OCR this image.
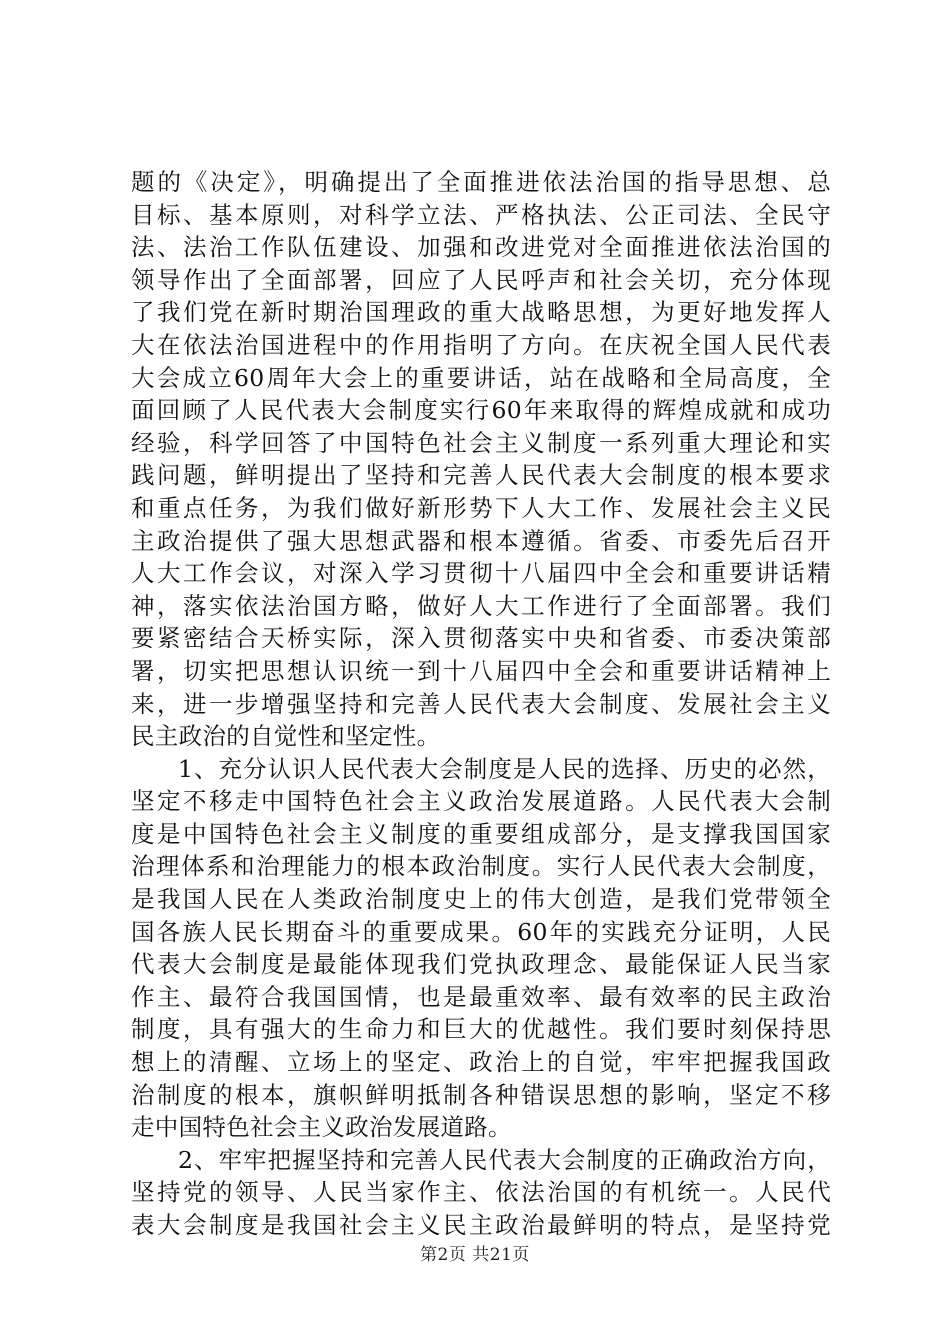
题的《决定》，明确提出了全面推进依法治国的指导思想、总
目标、基本原则，对科学立法、严格执法、公正司法、全民守
法、法治工作队伍建设、加强和改进党对全面推进依法治国的
领导作出了全面部署，回应了人民呼声和社会关切，充分体现
了我们党在新时期治国理政的重大战略思想，为更好地发挥人
大在依法治国进程中的作用指明了方向。在庆祝全国人民代表
大会成立60周年大会上的重要讲话，站在战略和全局高度，全
面回顾了人民代表大会制度实行60年来取得的辉煌成就和成功
经验，科学回答了中国特色社会主义制度一系列重大理论和实
践问题，鲜明提出了坚持和完善人民代表大会制度的根本要求
和重点任务，为我们做好新形势下人大工作、发展社会主义民
主政治提供了强大思想武器和根本遵循。省委、市委先后召开
人大工作会议，对深入学习贯彻十八届四中全会和重要讲话精
神，落实依法治国方略，做好人大工作进行了全面部署。我们
要紧密结合天桥实际，深入贯彻落实中央和省委、市委决策部
署，切实把思想认识统一到十八届四中全会和重要讲话精神上
来，进一步增强坚持和完善人民代表大会制度、发展社会主义
民主政治的自觉性和坚定性。
1、充分认识人民代表大会制度是人民的选择、历史的必然，
坚定不移走中国特色社会主义政治发展道路。人民代表大会制
度是中国特色社会主义制度的重要组成部分，是支撑我国国家
治理体系和治理能力的根本政治制度。实行人民代表大会制度，
是我国人民在人类政治制度史上的伟大创造，是我们党带领全
国各族人民长期奋斗的重要成果。60年的实践充分证明，人民
代表大会制度是最能体现我们党执政理念、最能保证人民当家
作主、最符合我国国情，也是最重效率、最有效率的民主政治
制度，具有强大的生命力和巨大的优越性。我们要时刻保持思
想上的清醒、立场上的坚定、政治上的自觉，牢牢把握我国政
治制度的根本，旗帜鲜明抵制各种错误思想的影响，坚定不移
走中国特色社会主义政治发展道路。
2、牢牢把握坚持和完善人民代表大会制度的正确政治方向，
坚持党的领导、人民当家作主、依法治国的有机统一。人民代
表大会制度是我国社会主义民主政治最鲜明的特点，是坚持党
第2页 共21页
